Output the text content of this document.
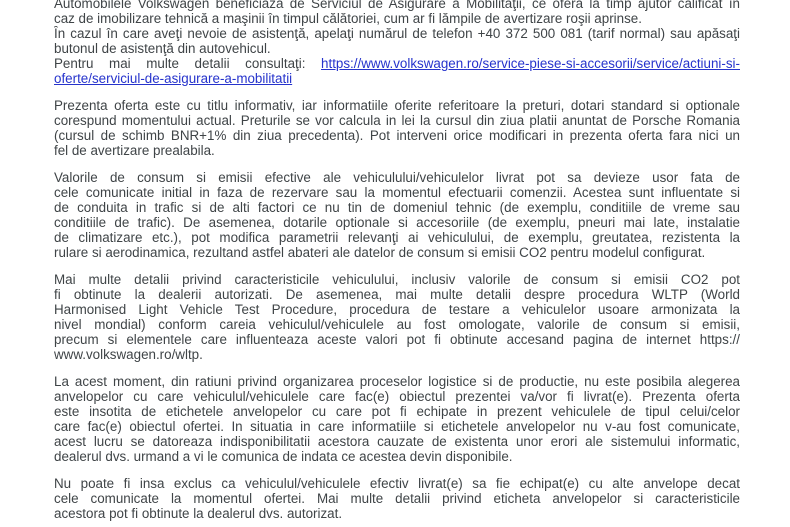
Automobilele Volkswagen beneficiază de Serviciul de Asigurare a Mobilităţii, ce oferă la timp ajutor calificat în
caz de imobilizare tehnică a maşinii în timpul călătoriei, cum ar fi lămpile de avertizare roşii aprinse.
În cazul în care aveţi nevoie de asistenţă, apelaţi numărul de telefon +40 372 500 081 (tarif normal) sau apăsaţi
butonul de asistenţă din autovehicul.
Pentru mai multe detalii consultaţi: https://www.volkswagen.ro/service-piese-si-accesorii/service/actiuni-si-
oferte/serviciul-de-asigurare-a-mobilitatii

Prezenta oferta este cu titlu informativ, iar informatiile oferite referitoare la preturi, dotari standard si optionale
corespund momentului actual. Preturile se vor calcula in lei la cursul din ziua platii anuntat de Porsche Romania
(cursul de schimb BNR+1% din ziua precedenta). Pot interveni orice modificari in prezenta oferta fara nici un
fel de avertizare prealabila.

Valorile de consum si emisii efective ale vehiculului/vehiculelor livrat pot sa devieze usor fata de
cele comunicate initial in faza de rezervare sau la momentul efectuarii comenzii. Acestea sunt influentate si
de conduita in trafic si de alti factori ce nu tin de domeniul tehnic (de exemplu, conditiile de vreme sau
conditiile de trafic). De asemenea, dotarile optionale si accesoriile (de exemplu, pneuri mai late, instalatie
de climatizare etc.), pot modifica parametrii relevanţi ai vehiculului, de exemplu, greutatea, rezistenta la
rulare si aerodinamica, rezultand astfel abateri ale datelor de consum si emisii CO2 pentru modelul configurat.

Mai multe detalii privind caracteristicile vehiculului, inclusiv valorile de consum si emisii CO2 pot
fi obtinute la dealerii autorizati. De asemenea, mai multe detalii despre procedura WLTP (World
Harmonised Light Vehicle Test Procedure, procedura de testare a vehiculelor usoare armonizata la
nivel mondial) conform careia vehiculul/vehiculele au fost omologate, valorile de consum si emisii,
precum si elementele care influenteaza aceste valori pot fi obtinute accesand pagina de internet https://
www.volkswagen.ro/wltp.

La acest moment, din ratiuni privind organizarea proceselor logistice si de productie, nu este posibila alegerea
anvelopelor cu care vehiculul/vehiculele care fac(e) obiectul prezentei va/vor fi livrat(e). Prezenta oferta
este insotita de etichetele anvelopelor cu care pot fi echipate in prezent vehiculele de tipul celui/celor
care fac(e) obiectul ofertei. In situatia in care informatiile si etichetele anvelopelor nu v-au fost comunicate,
acest lucru se datoreaza indisponibilitatii acestora cauzate de existenta unor erori ale sistemului informatic,
dealerul dvs. urmand a vi le comunica de indata ce acestea devin disponibile.

Nu poate fi insa exclus ca vehiculul/vehiculele efectiv livrat(e) sa fie echipat(e) cu alte anvelope decat
cele comunicate la momentul ofertei. Mai multe detalii privind eticheta anvelopelor si caracteristicile
acestora pot fi obtinute la dealerul dvs. autorizat.
